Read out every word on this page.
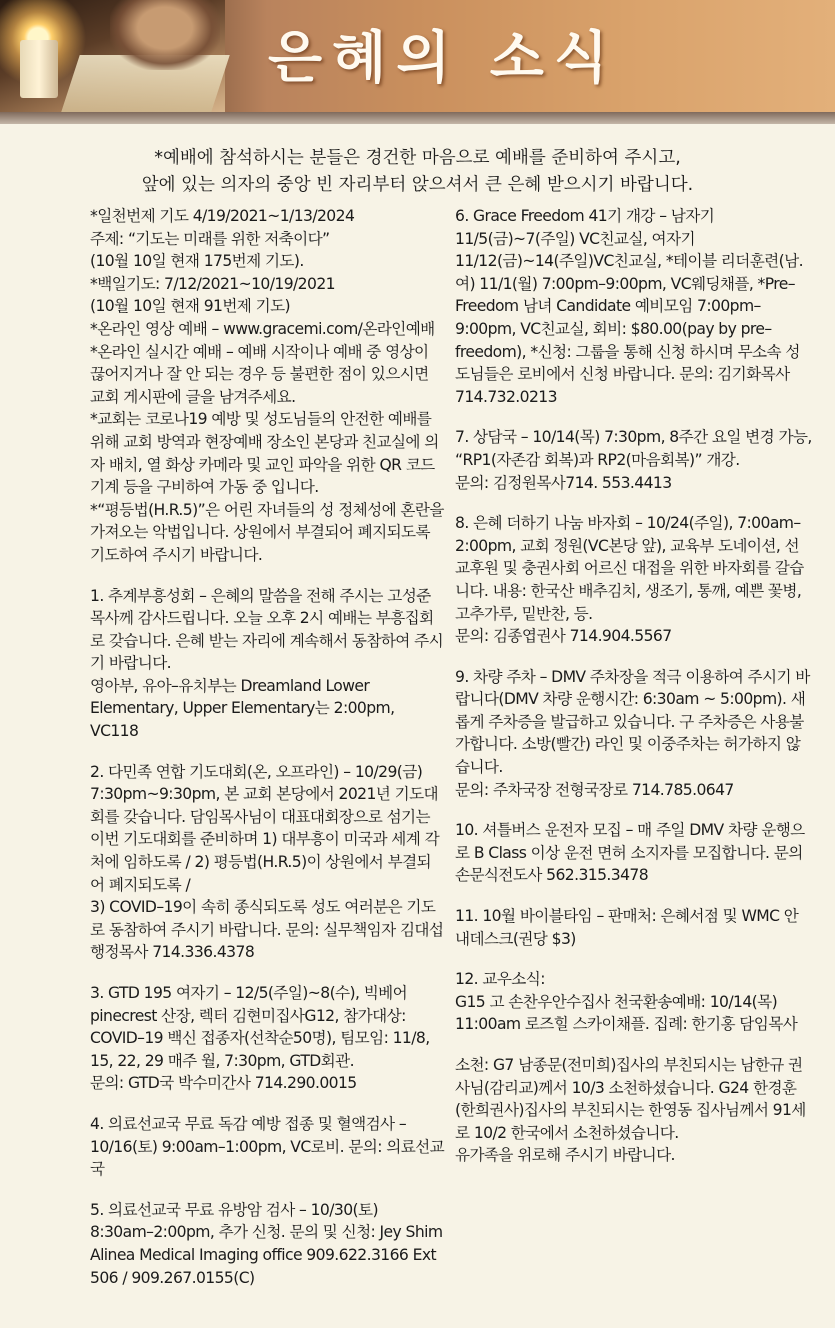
은혜의 소식
*예배에 참석하시는 분들은 경건한 마음으로 예배를 준비하여 주시고,
앞에 있는 의자의 중앙 빈 자리부터 앉으셔서 큰 은혜 받으시기 바랍니다.

*일천번제 기도 4/19/2021~1/13/2024

주제: “기도는 미래를 위한 저축이다”

(10월 10일 현재 175번제 기도).

*백일기도: 7/12/2021~10/19/2021

(10월 10일 현재 91번제 기도)

*온라인 영상 예배 – www.gracemi.com/온라인예배

*온라인 실시간 예배 – 예배 시작이나 예배 중 영상이 끊어지거나 잘 안 되는 경우 등 불편한 점이 있으시면 교회 게시판에 글을 남겨주세요.

*교회는 코로나19 예방 및 성도님들의 안전한 예배를 위해 교회 방역과 현장예배 장소인 본당과 친교실에 의자 배치, 열 화상 카메라 및 교인 파악을 위한 QR 코드 기계 등을 구비하여 가동 중 입니다.

*“평등법(H.R.5)”은 어린 자녀들의 성 정체성에 혼란을 가져오는 악법입니다. 상원에서 부결되어 폐지되도록 기도하여 주시기 바랍니다.

1. 추계부흥성회 – 은혜의 말씀을 전해 주시는 고성준목사께 감사드립니다. 오늘 오후 2시 예배는 부흥집회로 갖습니다. 은혜 받는 자리에 계속해서 동참하여 주시기 바랍니다.

영아부, 유아–유치부는 Dreamland Lower Elementary, Upper Elementary는 2:00pm, VC118

2. 다민족 연합 기도대회(온, 오프라인) – 10/29(금) 7:30pm~9:30pm, 본 교회 본당에서 2021년 기도대회를 갖습니다. 담임목사님이 대표대회장으로 섬기는 이번 기도대회를 준비하며 1) 대부흥이 미국과 세계 각처에 임하도록 / 2) 평등법(H.R.5)이 상원에서 부결되어 폐지되도록 /

3) COVID–19이 속히 종식되도록 성도 여러분은 기도로 동참하여 주시기 바랍니다. 문의: 실무책임자 김대섭행정목사 714.336.4378

3. GTD 195 여자기 – 12/5(주일)~8(수), 빅베어 pinecrest 산장, 렉터 김현미집사G12, 참가대상: COVID–19 백신 접종자(선착순50명), 팀모임: 11/8, 15, 22, 29 매주 월, 7:30pm, GTD회관.

문의: GTD국 박수미간사 714.290.0015

4. 의료선교국 무료 독감 예방 접종 및 혈액검사 – 10/16(토) 9:00am–1:00pm, VC로비. 문의: 의료선교국

5. 의료선교국 무료 유방암 검사 – 10/30(토) 8:30am–2:00pm, 추가 신청. 문의 및 신청: Jey Shim Alinea Medical Imaging office 909.622.3166 Ext 506 / 909.267.0155(C)

6. Grace Freedom 41기 개강 – 남자기 11/5(금)~7(주일) VC친교실, 여자기 11/12(금)~14(주일)VC친교실, *테이블 리더훈련(남.여) 11/1(월) 7:00pm–9:00pm, VC웨딩채플, *Pre–Freedom 남녀 Candidate 예비모임 7:00pm–9:00pm, VC친교실, 회비: $80.00(pay by pre–freedom), *신청: 그룹을 통해 신청 하시며 무소속 성도님들은 로비에서 신청 바랍니다. 문의: 김기화목사 714.732.0213

7. 상담국 – 10/14(목) 7:30pm, 8주간 요일 변경 가능, “RP1(자존감 회복)과 RP2(마음회복)” 개강.

문의: 김정원목사714. 553.4413

8. 은혜 더하기 나눔 바자회 – 10/24(주일), 7:00am–2:00pm, 교회 정원(VC본당 앞), 교육부 도네이션, 선교후원 및 충권사회 어르신 대접을 위한 바자회를 갈습니다. 내용: 한국산 배추김치, 생조기, 통깨, 예쁜 꽃병, 고추가루, 밑반찬, 등.

문의: 김종엽권사 714.904.5567

9. 차량 주차 – DMV 주차장을 적극 이용하여 주시기 바랍니다(DMV 차량 운행시간: 6:30am ~ 5:00pm). 새롭게 주차증을 발급하고 있습니다. 구 주차증은 사용불가합니다. 소방(빨간) 라인 및 이중주차는 허가하지 않습니다.

문의: 주차국장 전형국장로 714.785.0647

10. 셔틀버스 운전자 모집 – 매 주일 DMV 차량 운행으로 B Class 이상 운전 면허 소지자를 모집합니다. 문의 손문식전도사 562.315.3478

11. 10월 바이블타임 – 판매처: 은혜서점 및 WMC 안내데스크(권당 $3)

12. 교우소식:

G15 고 손찬우안수집사 천국환송예배: 10/14(목) 11:00am 로즈힐 스카이채플. 집례: 한기홍 담임목사

소천: G7 남종문(전미희)집사의 부친되시는 남한규 권사님(감리교)께서 10/3 소천하셨습니다. G24 한경훈(한희권사)집사의 부친되시는 한영동 집사님께서 91세로 10/2 한국에서 소천하셨습니다.

유가족을 위로해 주시기 바랍니다.
